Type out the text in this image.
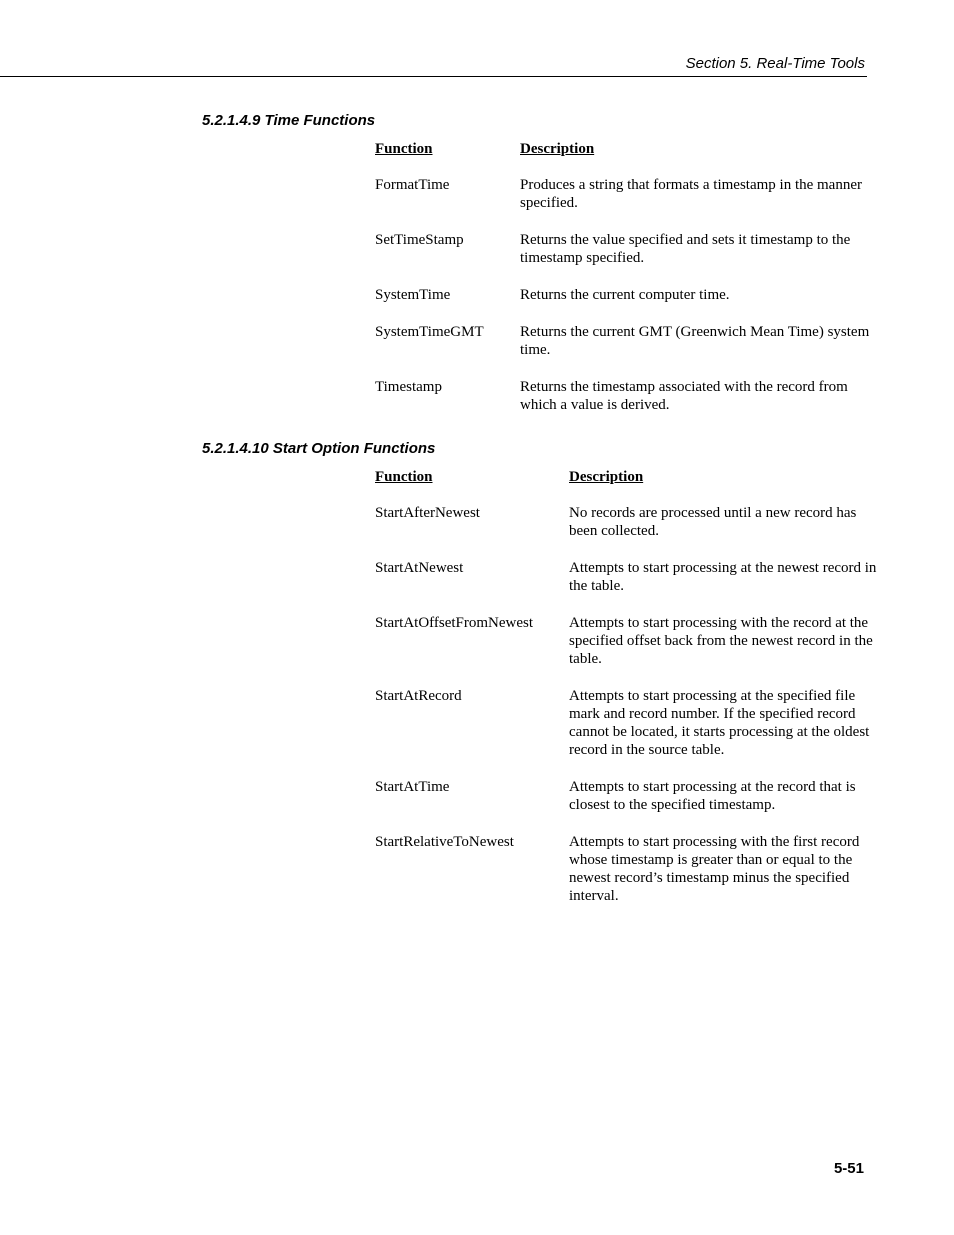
Section 5. Real-Time Tools
5.2.1.4.9 Time Functions
Function	Description
FormatTime	Produces a string that formats a timestamp in the manner specified.
SetTimeStamp	Returns the value specified and sets it timestamp to the timestamp specified.
SystemTime	Returns the current computer time.
SystemTimeGMT	Returns the current GMT (Greenwich Mean Time) system time.
Timestamp	Returns the timestamp associated with the record from which a value is derived.
5.2.1.4.10 Start Option Functions
Function	Description
StartAfterNewest	No records are processed until a new record has been collected.
StartAtNewest	Attempts to start processing at the newest record in the table.
StartAtOffsetFromNewest	Attempts to start processing with the record at the specified offset back from the newest record in the table.
StartAtRecord	Attempts to start processing at the specified file mark and record number. If the specified record cannot be located, it starts processing at the oldest record in the source table.
StartAtTime	Attempts to start processing at the record that is closest to the specified timestamp.
StartRelativeToNewest	Attempts to start processing with the first record whose timestamp is greater than or equal to the newest record’s timestamp minus the specified interval.
5-51
